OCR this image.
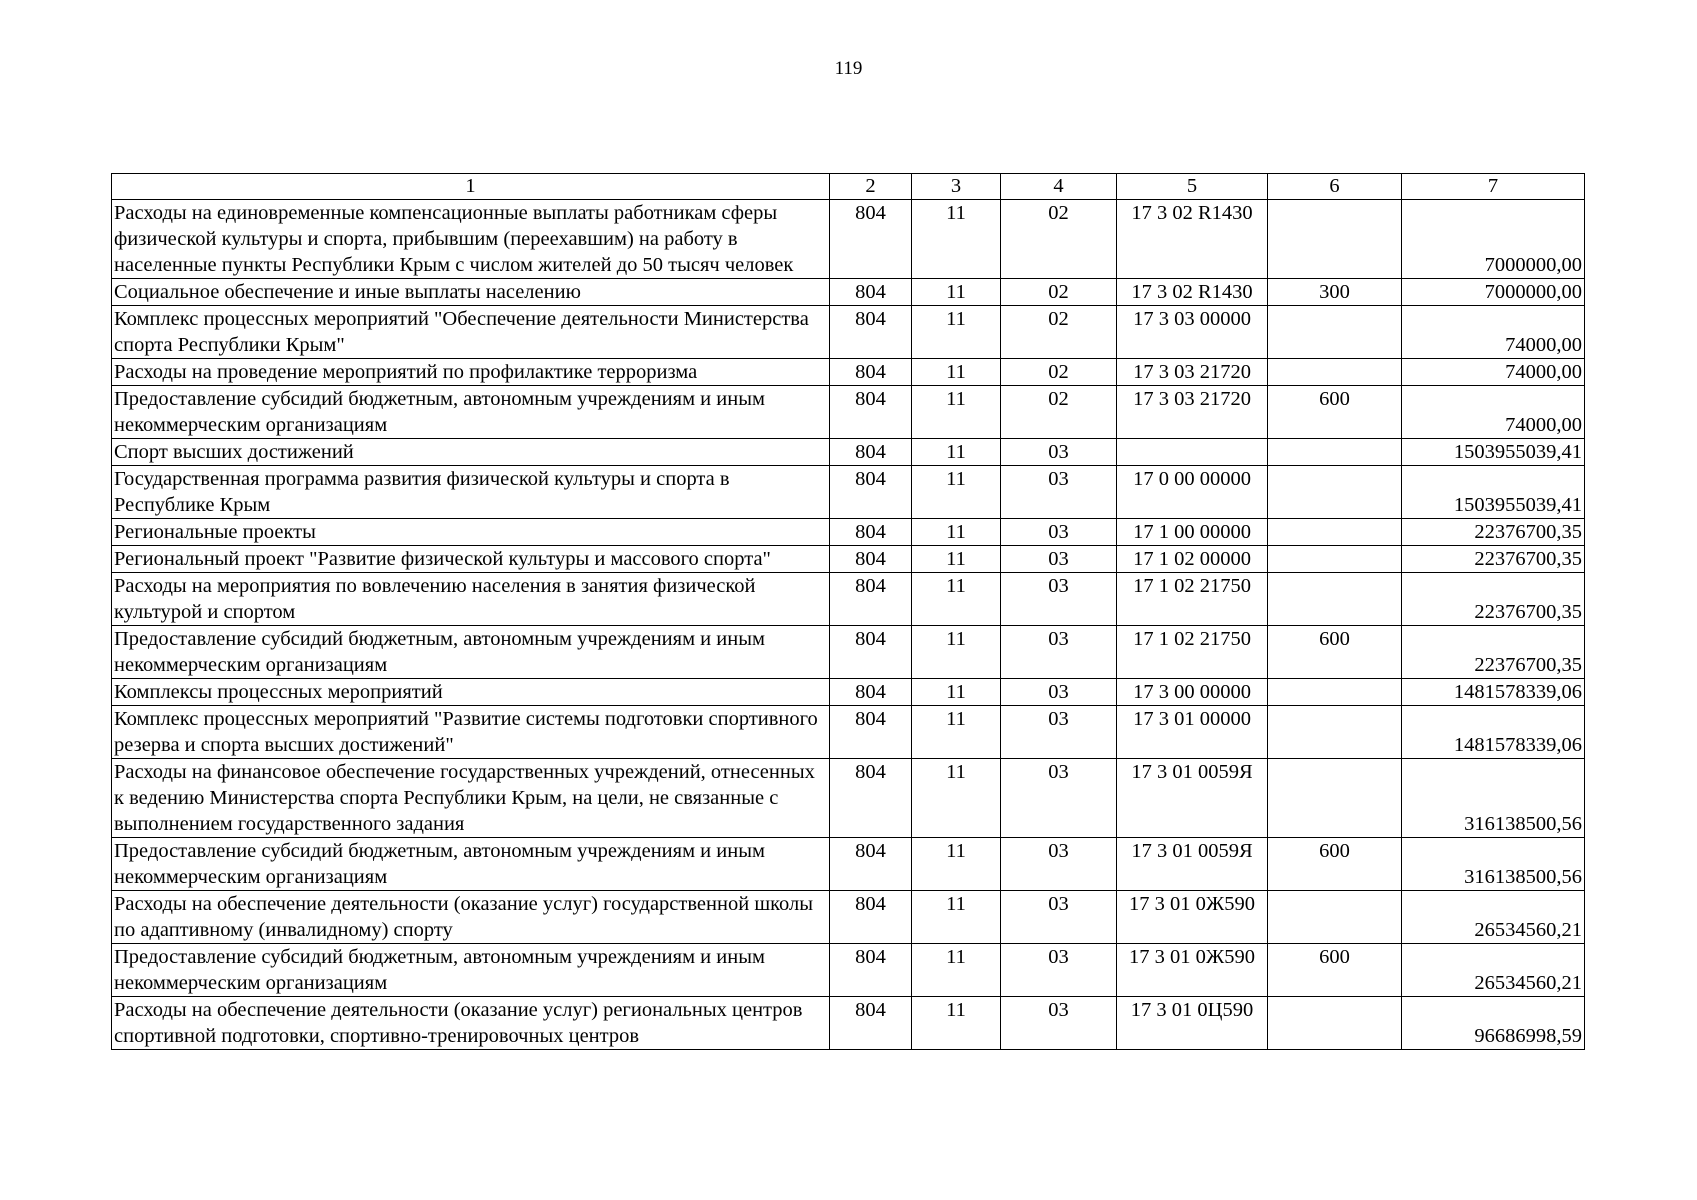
119
1	2	3	4	5	6	7
Расходы на единовременные компенсационные выплаты работникам сферы физической культуры и спорта, прибывшим (переехавшим) на работу в населенные пункты Республики Крым с числом жителей до 50 тысяч человек	804	11	02	17 3 02 R1430		7000000,00
Социальное обеспечение и иные выплаты населению	804	11	02	17 3 02 R1430	300	7000000,00
Комплекс процессных мероприятий "Обеспечение деятельности Министерства спорта Республики Крым"	804	11	02	17 3 03 00000		74000,00
Расходы на проведение мероприятий по профилактике терроризма	804	11	02	17 3 03 21720		74000,00
Предоставление субсидий бюджетным, автономным учреждениям и иным некоммерческим организациям	804	11	02	17 3 03 21720	600	74000,00
Спорт высших достижений	804	11	03			1503955039,41
Государственная программа развития физической культуры и спорта в Республике Крым	804	11	03	17 0 00 00000		1503955039,41
Региональные проекты	804	11	03	17 1 00 00000		22376700,35
Региональный проект "Развитие физической культуры и массового спорта"	804	11	03	17 1 02 00000		22376700,35
Расходы на мероприятия по вовлечению населения в занятия физической культурой и спортом	804	11	03	17 1 02 21750		22376700,35
Предоставление субсидий бюджетным, автономным учреждениям и иным некоммерческим организациям	804	11	03	17 1 02 21750	600	22376700,35
Комплексы процессных мероприятий	804	11	03	17 3 00 00000		1481578339,06
Комплекс процессных мероприятий "Развитие системы подготовки спортивного резерва и спорта высших достижений"	804	11	03	17 3 01 00000		1481578339,06
Расходы на финансовое обеспечение государственных учреждений, отнесенных к ведению Министерства спорта Республики Крым, на цели, не связанные с выполнением государственного задания	804	11	03	17 3 01 0059Я		316138500,56
Предоставление субсидий бюджетным, автономным учреждениям и иным некоммерческим организациям	804	11	03	17 3 01 0059Я	600	316138500,56
Расходы на обеспечение деятельности (оказание услуг) государственной школы по адаптивному (инвалидному) спорту	804	11	03	17 3 01 0Ж590		26534560,21
Предоставление субсидий бюджетным, автономным учреждениям и иным некоммерческим организациям	804	11	03	17 3 01 0Ж590	600	26534560,21
Расходы на обеспечение деятельности (оказание услуг) региональных центров спортивной подготовки, спортивно-тренировочных центров	804	11	03	17 3 01 0Ц590		96686998,59
